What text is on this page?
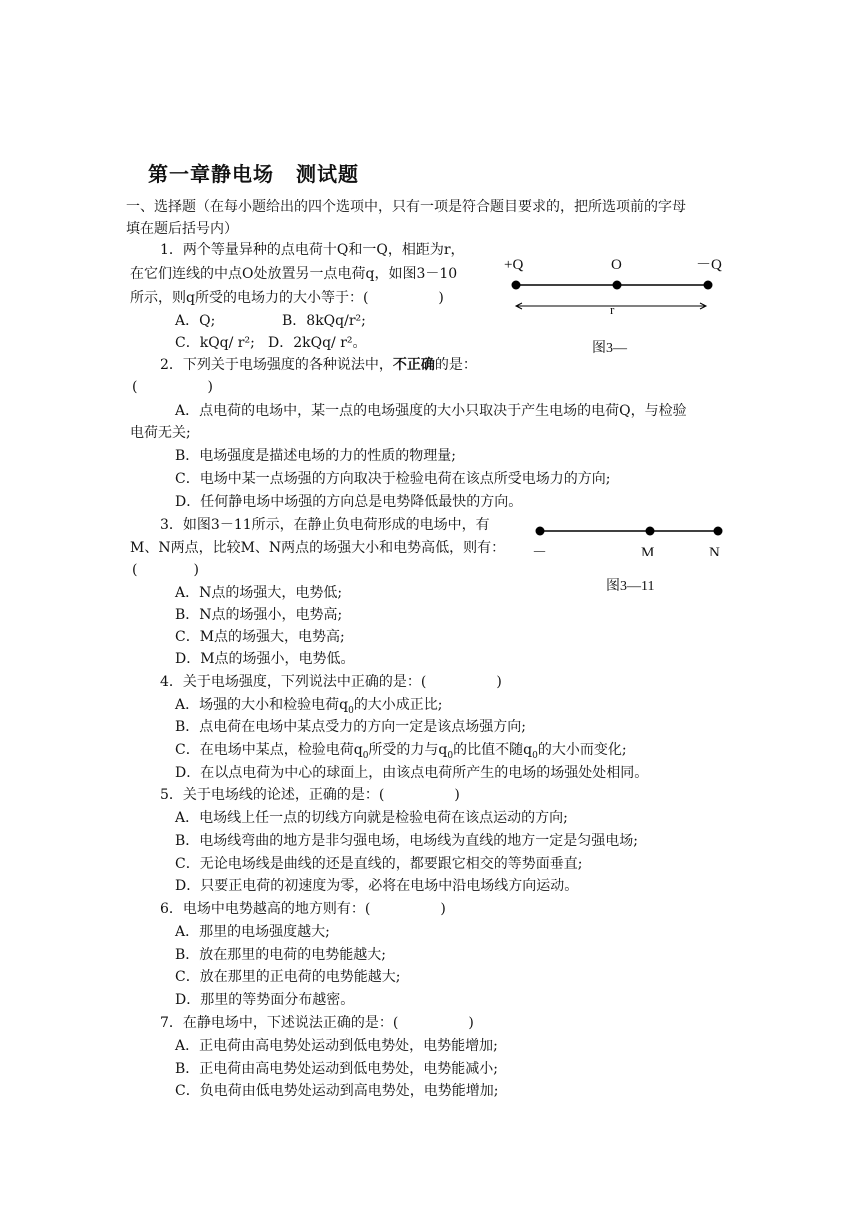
第一章静电场 测试题
一、选择题（在每小题给出的四个选项中，只有一项是符合题目要求的，把所选项前的字母
填在题后括号内）
1．两个等量异种的点电荷十Q和一Q，相距为r，
在它们连线的中点O处放置另一点电荷q，如图3－10
所示，则q所受的电场力的大小等于：(　　　　　)
A．Q;	B．8kQq/r²;
C．kQq/ r²; D．2kQq/ r²。
+Q	O	－Q
r
图3—
2．下列关于电场强度的各种说法中，不正确的是：
(　　　　　)
A．点电荷的电场中，某一点的电场强度的大小只取决于产生电场的电荷Q，与检验
电荷无关;
B．电场强度是描述电场的力的性质的物理量;
C．电场中某一点场强的方向取决于检验电荷在该点所受电场力的方向;
D．任何静电场中场强的方向总是电势降低最快的方向。
3．如图3－11所示，在静止负电荷形成的电场中，有
M、N两点，比较M、N两点的场强大小和电势高低，则有：
(　　　　)
A．N点的场强大，电势低;
B．N点的场强小，电势高;
C．M点的场强大，电势高;
D．M点的场强小，电势低。
－	M	N
图3—11
4．关于电场强度，下列说法中正确的是：(　　　　　)
A．场强的大小和检验电荷$q_0$的大小成正比;
B．点电荷在电场中某点受力的方向一定是该点场强方向;
C．在电场中某点，检验电荷$q_0$所受的力与$q_0$的比值不随$q_0$的大小而变化;
D．在以点电荷为中心的球面上，由该点电荷所产生的电场的场强处处相同。
5．关于电场线的论述，正确的是：(　　　　　)
A．电场线上任一点的切线方向就是检验电荷在该点运动的方向;
B．电场线弯曲的地方是非匀强电场，电场线为直线的地方一定是匀强电场;
C．无论电场线是曲线的还是直线的，都要跟它相交的等势面垂直;
D．只要正电荷的初速度为零，必将在电场中沿电场线方向运动。
6．电场中电势越高的地方则有：(　　　　　)
A．那里的电场强度越大;
B．放在那里的电荷的电势能越大;
C．放在那里的正电荷的电势能越大;
D．那里的等势面分布越密。
7．在静电场中，下述说法正确的是：(　　　　　)
A．正电荷由高电势处运动到低电势处，电势能增加;
B．正电荷由高电势处运动到低电势处，电势能减小;
C．负电荷由低电势处运动到高电势处，电势能增加;
